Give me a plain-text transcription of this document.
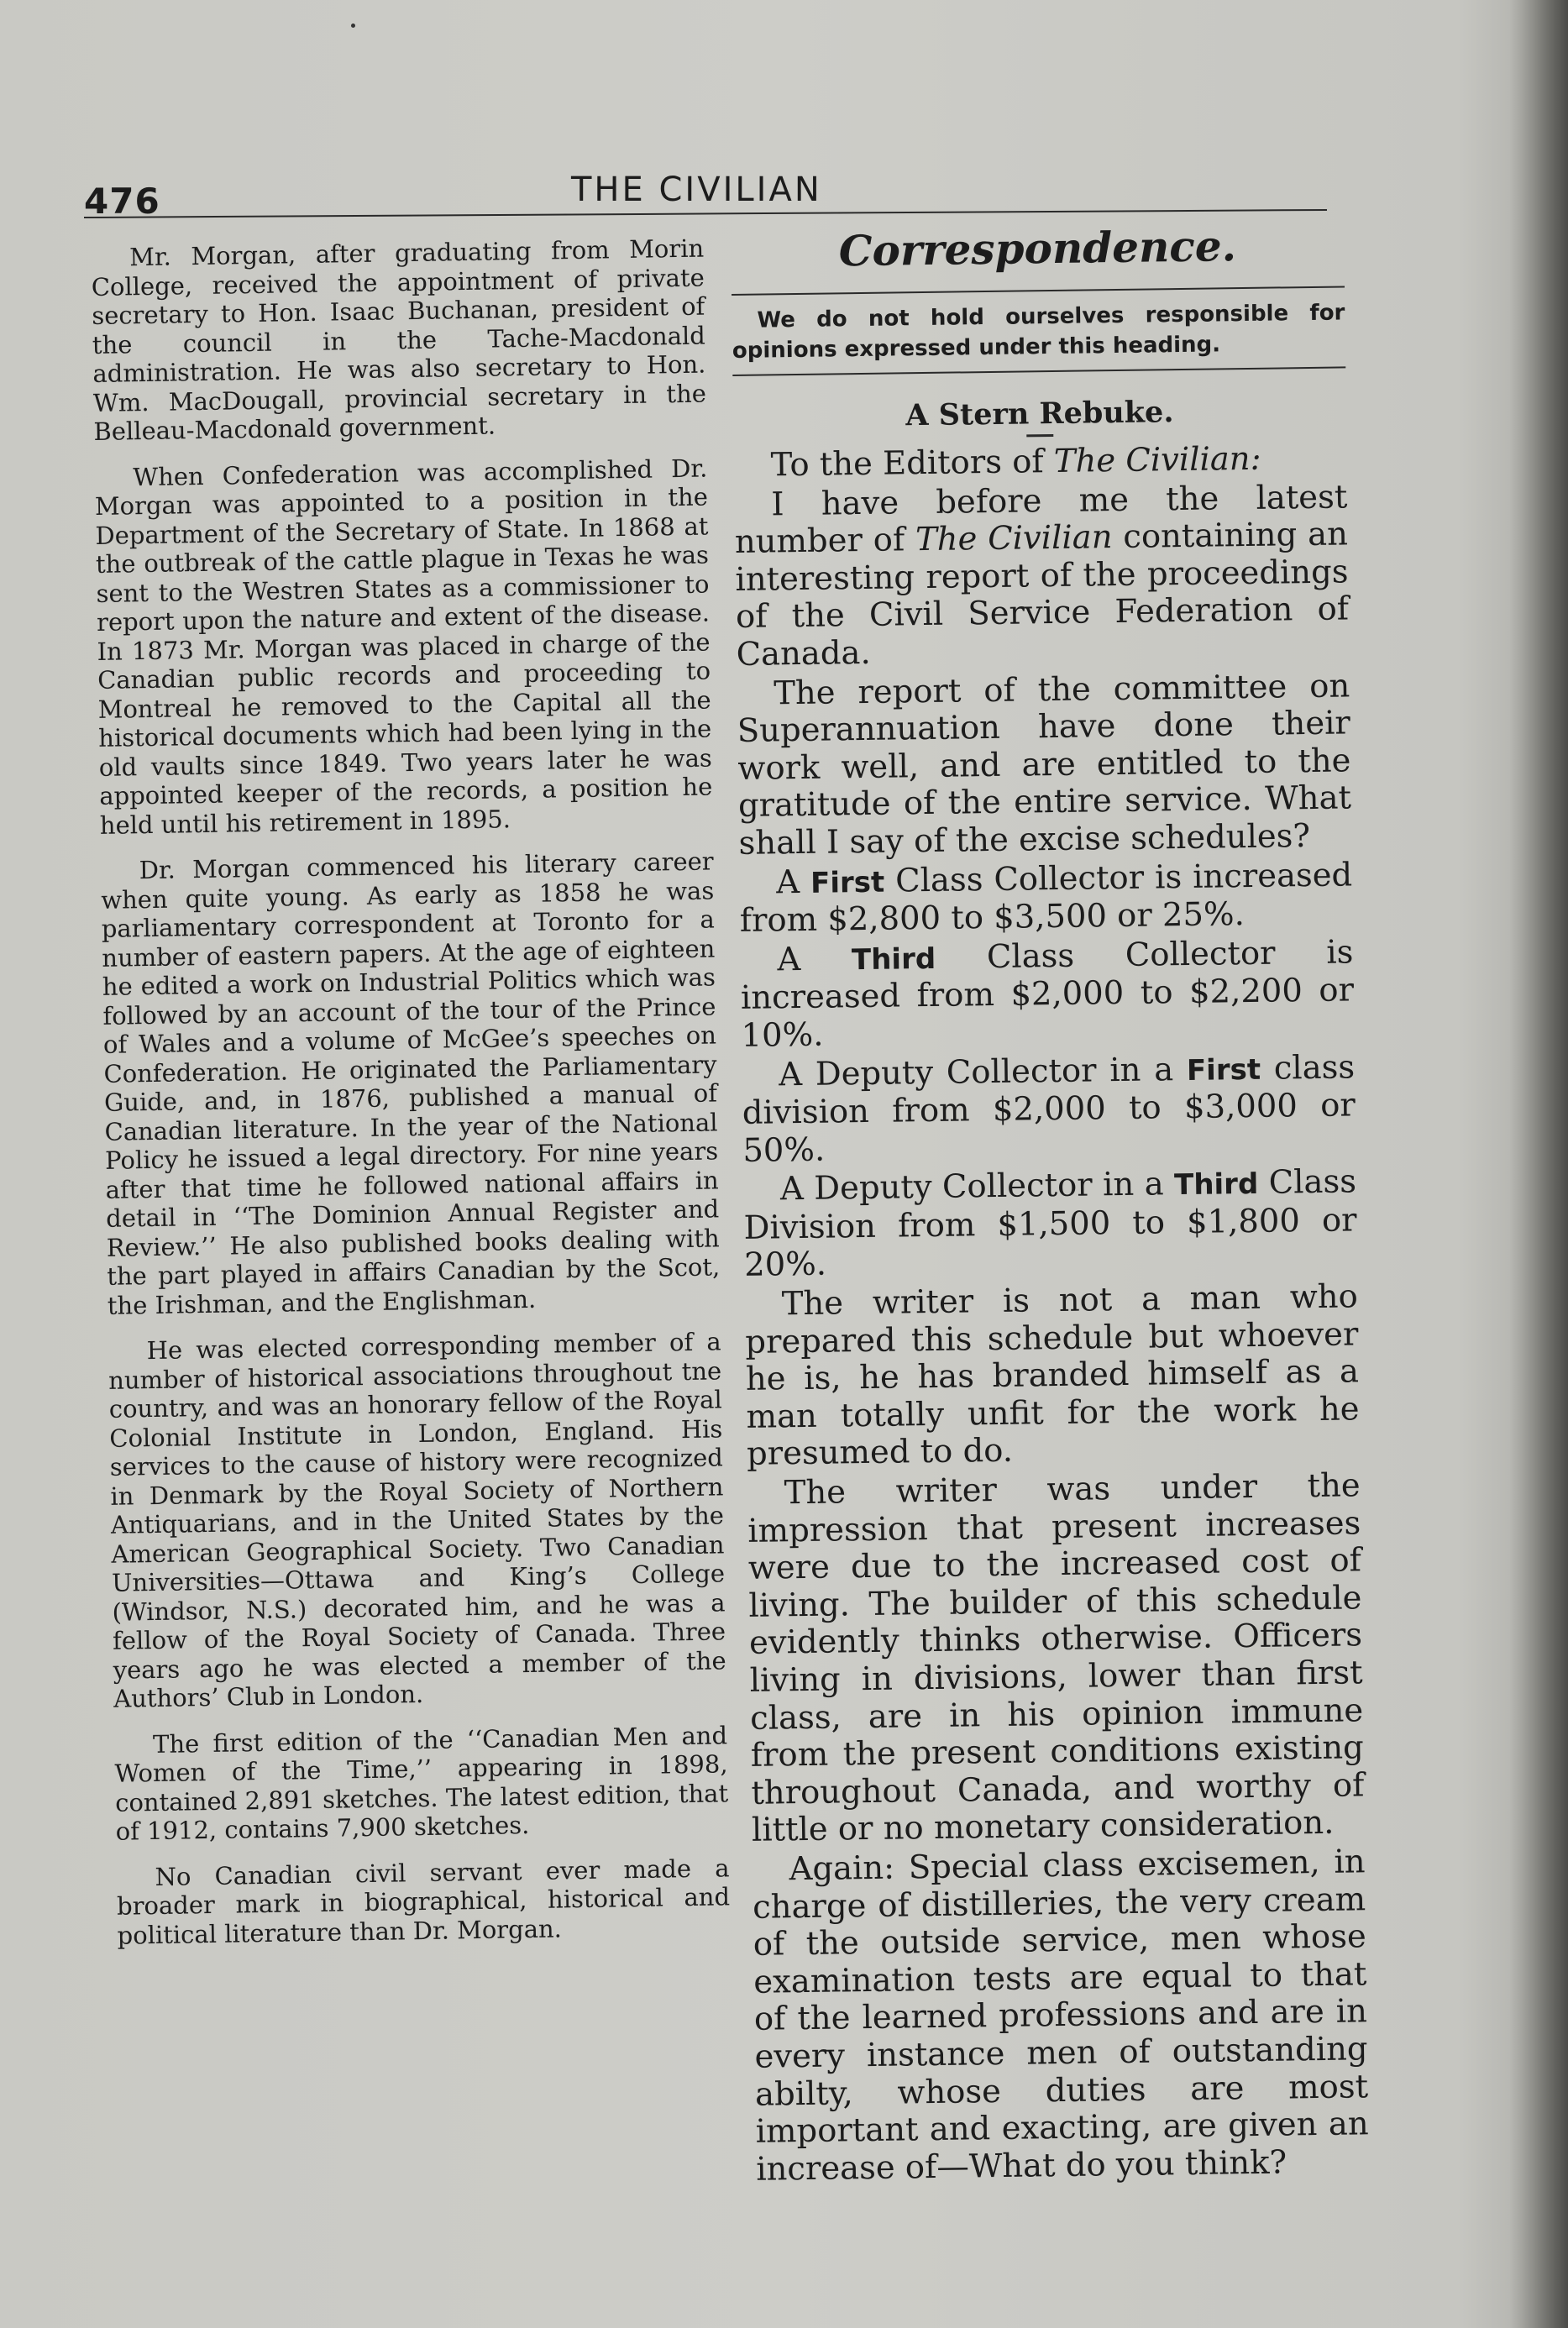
476	THE CIVILIAN

Mr. Morgan, after graduating from Morin College, received the appointment of private secretary to Hon. Isaac Buchanan, president of the council in the Tache-Macdonald administration. He was also secretary to Hon. Wm. MacDougall, provincial secretary in the Belleau-Macdonald government.

When Confederation was accomplished Dr. Morgan was appointed to a position in the Department of the Secretary of State. In 1868 at the outbreak of the cattle plague in Texas he was sent to the Westren States as a commissioner to report upon the nature and extent of the disease. In 1873 Mr. Morgan was placed in charge of the Canadian public records and proceeding to Montreal he removed to the Capital all the historical documents which had been lying in the old vaults since 1849. Two years later he was appointed keeper of the records, a position he held until his retirement in 1895.

Dr. Morgan commenced his literary career when quite young. As early as 1858 he was parliamentary correspondent at Toronto for a number of eastern papers. At the age of eighteen he edited a work on Industrial Politics which was followed by an account of the tour of the Prince of Wales and a volume of McGee’s speeches on Confederation. He originated the Parliamentary Guide, and, in 1876, published a manual of Canadian literature. In the year of the National Policy he issued a legal directory. For nine years after that time he followed national affairs in detail in ‘‘The Dominion Annual Register and Review.’’ He also published books dealing with the part played in affairs Canadian by the Scot, the Irishman, and the Englishman.

He was elected corresponding member of a number of historical associations throughout tne country, and was an honorary fellow of the Royal Colonial Institute in London, England. His services to the cause of history were recognized in Denmark by the Royal Society of Northern Antiquarians, and in the United States by the American Geographical Society. Two Canadian Universities—Ottawa and King’s College (Windsor, N.S.) decorated him, and he was a fellow of the Royal Society of Canada. Three years ago he was elected a member of the Authors’ Club in London.

The first edition of the ‘‘Canadian Men and Women of the Time,’’ appearing in 1898, contained 2,891 sketches. The latest edition, that of 1912, contains 7,900 sketches.

No Canadian civil servant ever made a broader mark in biographical, historical and political literature than Dr. Morgan.

Correspondence.
We do not hold ourselves responsible for opinions expressed under this heading.
A Stern Rebuke.

To the Editors of The Civilian:

I have before me the latest number of The Civilian containing an interesting report of the proceedings of the Civil Service Federation of Canada.

The report of the committee on Superannuation have done their work well, and are entitled to the gratitude of the entire service. What shall I say of the excise schedules?

A First Class Collector is increased from $2,800 to $3,500 or 25%.

A Third Class Collector is increased from $2,000 to $2,200 or 10%.

A Deputy Collector in a First class division from $2,000 to $3,000 or 50%.

A Deputy Collector in a Third Class Division from $1,500 to $1,800 or 20%.

The writer is not a man who prepared this schedule but whoever he is, he has branded himself as a man totally unfit for the work he presumed to do.

The writer was under the impression that present increases were due to the increased cost of living. The builder of this schedule evidently thinks otherwise. Officers living in divisions, lower than first class, are in his opinion immune from the present conditions existing throughout Canada, and worthy of little or no monetary consideration.

Again: Special class excisemen, in charge of distilleries, the very cream of the outside service, men whose examination tests are equal to that of the learned professions and are in every instance men of outstanding abilty, whose duties are most important and exacting, are given an increase of—What do you think?
